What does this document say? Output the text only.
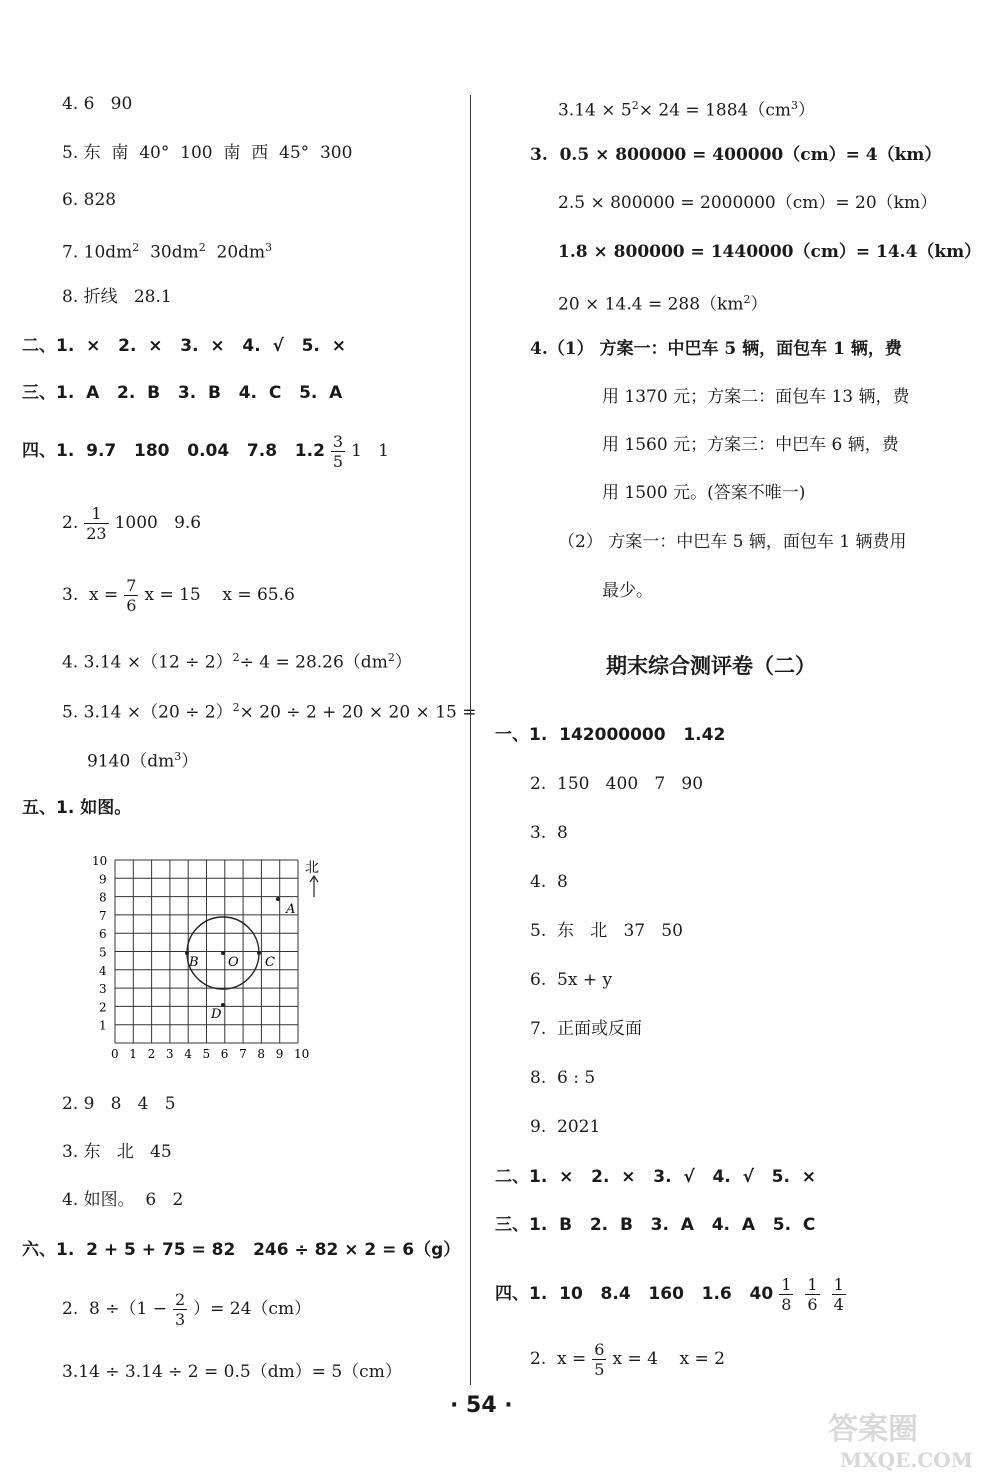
4. 6   90
5. 东  南  40°  100  南  西  45°  300
6. 828
7. $10dm^2$ $30dm^2$ $20dm^3$
8. 折线   28.1
二、1.  ×   2.  ×   3.  ×   4.  √   5.  ×
三、1.  A   2.  B   3.  B   4.  C   5.  A
四、1.  9.7   180   0.04   7.8   $1.2 \frac{3}{5} 1$   1
2. $\frac{1}{23} 1000$   9.6
3.  $x = \frac{7}{6}$ x = 15    x = 65.6
4. $3.14 \times(12 \div 2)^2\div 4 = 28.26(dm^2)$
5. $3.14 \times(20 \div 2)^2\times 20 \div 2 + 20 \times 20 \times 15$ =
$9140(dm^3)$
五、1. 如图。
A
B O C
D
北
0 1 2 3 4 5 6 7 8 9 10
1
2
3
4
5
6
7
8
9
10
2. 9   8   4   5
3. 东   北   45
4. 如图。  6   2
六、1.  2 + 5 + 75 = 82   246 ÷ 82 × 2 = 6（g）
2.  $8 \div(1 - \frac{2}{3}$ ）= 24（cm）
3.14 ÷ 3.14 ÷ 2 = 0.5（dm）= 5（cm）
$3.14 \times 5^2\times 24 = 1884(cm^3)$
3.  0.5 × 800000 = 400000（cm）= 4（km）
2.5 × 800000 = 2000000（cm）= 20（km）
1.8 × 800000 = 1440000（cm）= 14.4（km）
$20 \times 14.4 = 288(km^2)$
4.（1） 方案一：中巴车 5 辆，面包车 1 辆，费
用 1370 元；方案二：面包车 13 辆，费
用 1560 元；方案三：中巴车 6 辆，费
用 1500 元。(答案不唯一)
（2） 方案一：中巴车 5 辆，面包车 1 辆费用
最少。
期末综合测评卷（二）
一、1.  142000000   1.42
2.  150   400   7   90
3.  8
4.  8
5.  东   北   37   50
6.  5x + y
7.  正面或反面
8.  6 : 5
9.  2021
二、1.  ×   2.  ×   3.  √   4.  √   5.  ×
三、1.  B   2.  B   3.  A   4.  A   5.  C
四、1.  10   8.4   160   1.6   $40 \frac{1}{8} \frac{1}{6} \frac{1}{4}$
2.  $x = \frac{6}{5}$ x = 4    x = 2
· 54 ·
答案圈
MXQE.COM
